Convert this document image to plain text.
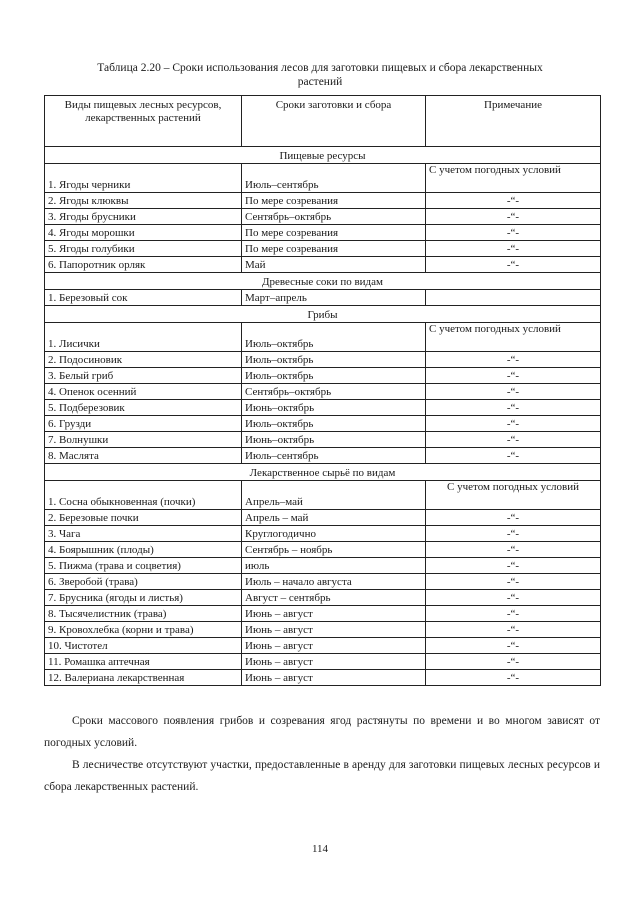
Таблица 2.20 – Сроки использования лесов для заготовки пищевых и сбора лекарственных
растений
Виды пищевых лесных ресурсов, лекарственных растений	Сроки заготовки и сбора	Примечание
Пищевые ресурсы		
1. Ягоды черники	Июль–сентябрь	С учетом погодных условий
2. Ягоды клюквы	По мере созревания	-“-
3. Ягоды брусники	Сентябрь–октябрь	-“-
4. Ягоды морошки	По мере созревания	-“-
5. Ягоды голубики	По мере созревания	-“-
6. Папоротник орляк	Май	-“-
Древесные соки по видам		
1. Березовый сок	Март–апрель	
Грибы		
1. Лисички	Июль–октябрь	С учетом погодных условий
2. Подосиновик	Июль–октябрь	-“-
3. Белый гриб	Июль–октябрь	-“-
4. Опенок осенний	Сентябрь–октябрь	-“-
5. Подберезовик	Июнь–октябрь	-“-
6. Грузди	Июль–октябрь	-“-
7. Волнушки	Июнь–октябрь	-“-
8. Маслята	Июль–сентябрь	-“-
Лекарственное сырьё по видам		
1. Сосна обыкновенная (почки)	Апрель–май	С учетом погодных условий
2. Березовые почки	Апрель – май	-“-
3. Чага	Круглогодично	-“-
4. Боярышник (плоды)	Сентябрь – ноябрь	-“-
5. Пижма (трава и соцветия)	июль	-“-
6. Зверобой (трава)	Июль – начало августа	-“-
7. Брусника (ягоды и листья)	Август – сентябрь	-“-
8. Тысячелистник (трава)	Июнь – август	-“-
9. Кровохлебка (корни и трава)	Июнь – август	-“-
10. Чистотел	Июнь – август	-“-
11. Ромашка аптечная	Июнь – август	-“-
12. Валериана лекарственная	Июнь – август	-“-
Сроки массового появления грибов и созревания ягод растянуты по времени и во многом зависят от погодных условий.
В лесничестве отсутствуют участки, предоставленные в аренду для заготовки пищевых лесных ресурсов и сбора лекарственных растений.
114
